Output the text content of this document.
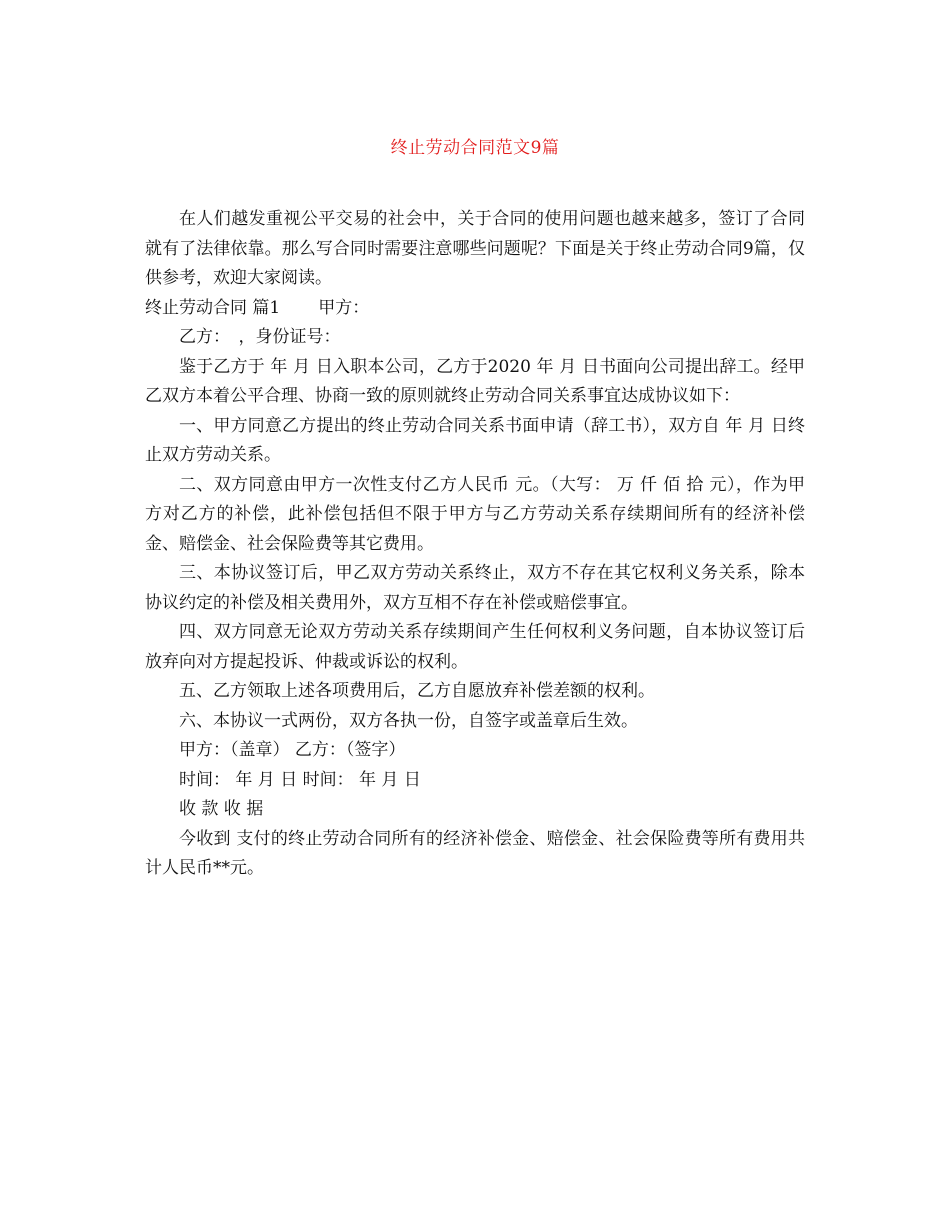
终止劳动合同范文9篇

在人们越发重视公平交易的社会中，关于合同的使用问题也越来越多，签订了合同就有了法律依靠。那么写合同时需要注意哪些问题呢？下面是关于终止劳动合同9篇，仅供参考，欢迎大家阅读。

终止劳动合同 篇1 甲方：

乙方：　，身份证号：

鉴于乙方于 年 月 日入职本公司，乙方于2020 年 月 日书面向公司提出辞工。经甲乙双方本着公平合理、协商一致的原则就终止劳动合同关系事宜达成协议如下：

一、甲方同意乙方提出的终止劳动合同关系书面申请（辞工书），双方自 年 月 日终止双方劳动关系。

二、双方同意由甲方一次性支付乙方人民币 元。（大写： 万 仟 佰 拾 元），作为甲方对乙方的补偿，此补偿包括但不限于甲方与乙方劳动关系存续期间所有的经济补偿金、赔偿金、社会保险费等其它费用。

三、本协议签订后，甲乙双方劳动关系终止，双方不存在其它权利义务关系，除本协议约定的补偿及相关费用外，双方互相不存在补偿或赔偿事宜。

四、双方同意无论双方劳动关系存续期间产生任何权利义务问题，自本协议签订后放弃向对方提起投诉、仲裁或诉讼的权利。

五、乙方领取上述各项费用后，乙方自愿放弃补偿差额的权利。

六、本协议一式两份，双方各执一份，自签字或盖章后生效。

甲方：（盖章） 乙方：（签字）

时间： 年 月 日 时间： 年 月 日

收 款 收 据

今收到 支付的终止劳动合同所有的经济补偿金、赔偿金、社会保险费等所有费用共计人民币**元。
